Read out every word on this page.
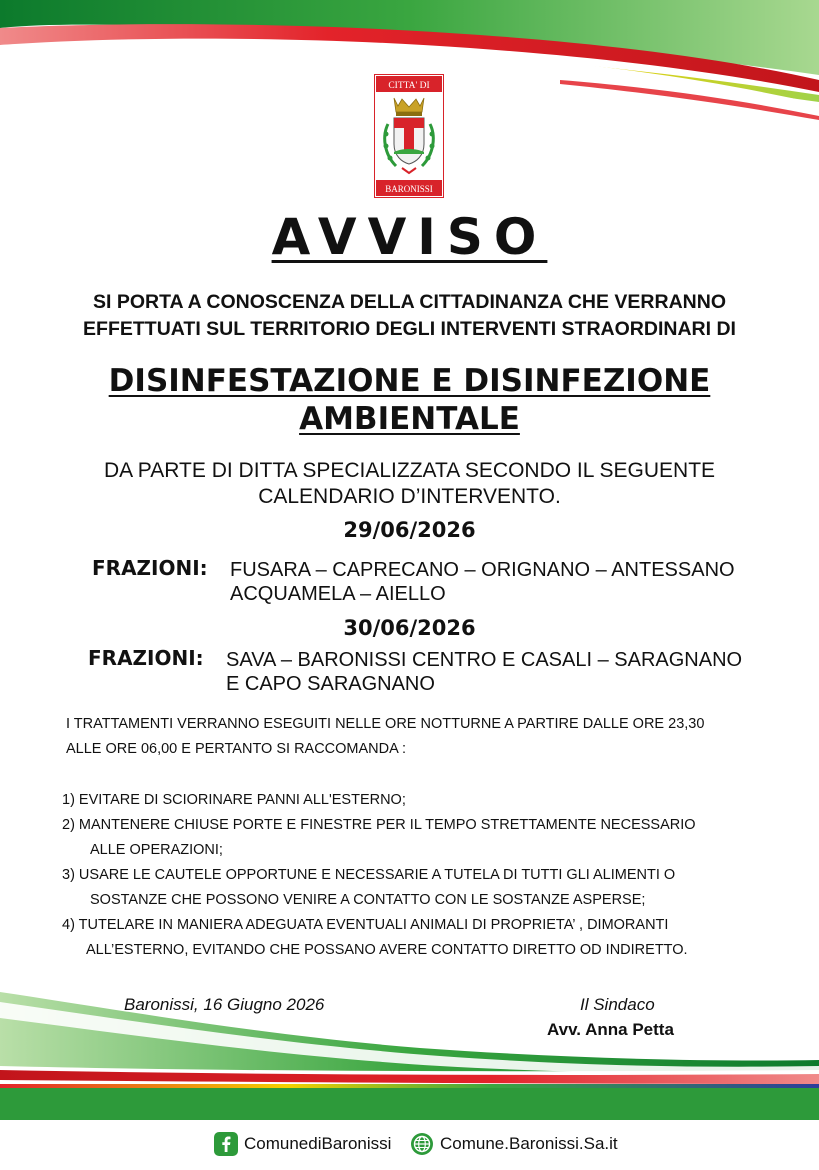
CITTA' DI
BARONISSI
AVVISO
SI PORTA A CONOSCENZA DELLA CITTADINANZA CHE VERRANNO
EFFETTUATI SUL TERRITORIO DEGLI INTERVENTI STRAORDINARI DI
DISINFESTAZIONE E DISINFEZIONE
AMBIENTALE
DA PARTE DI DITTA SPECIALIZZATA SECONDO IL SEGUENTE
CALENDARIO D’INTERVENTO.
29/06/2026
FRAZIONI: FUSARA – CAPRECANO – ORIGNANO – ANTESSANO
ACQUAMELA – AIELLO
30/06/2026
FRAZIONI: SAVA – BARONISSI CENTRO E CASALI – SARAGNANO
E CAPO SARAGNANO
I TRATTAMENTI VERRANNO ESEGUITI NELLE ORE NOTTURNE A PARTIRE DALLE ORE 23,30
ALLE ORE 06,00 E PERTANTO SI RACCOMANDA :
1) EVITARE DI SCIORINARE PANNI ALL'ESTERNO;
2) MANTENERE CHIUSE PORTE E FINESTRE PER IL TEMPO STRETTAMENTE NECESSARIO
ALLE OPERAZIONI;
3) USARE LE CAUTELE OPPORTUNE E NECESSARIE A TUTELA DI TUTTI GLI ALIMENTI O
SOSTANZE CHE POSSONO VENIRE A CONTATTO CON LE SOSTANZE ASPERSE;
4) TUTELARE IN MANIERA ADEGUATA EVENTUALI ANIMALI DI PROPRIETA’ , DIMORANTI
ALL’ESTERNO, EVITANDO CHE POSSANO AVERE CONTATTO DIRETTO OD INDIRETTO.
Baronissi, 16 Giugno 2026	Il Sindaco
Avv. Anna Petta
ComunediBaronissi	Comune.Baronissi.Sa.it
